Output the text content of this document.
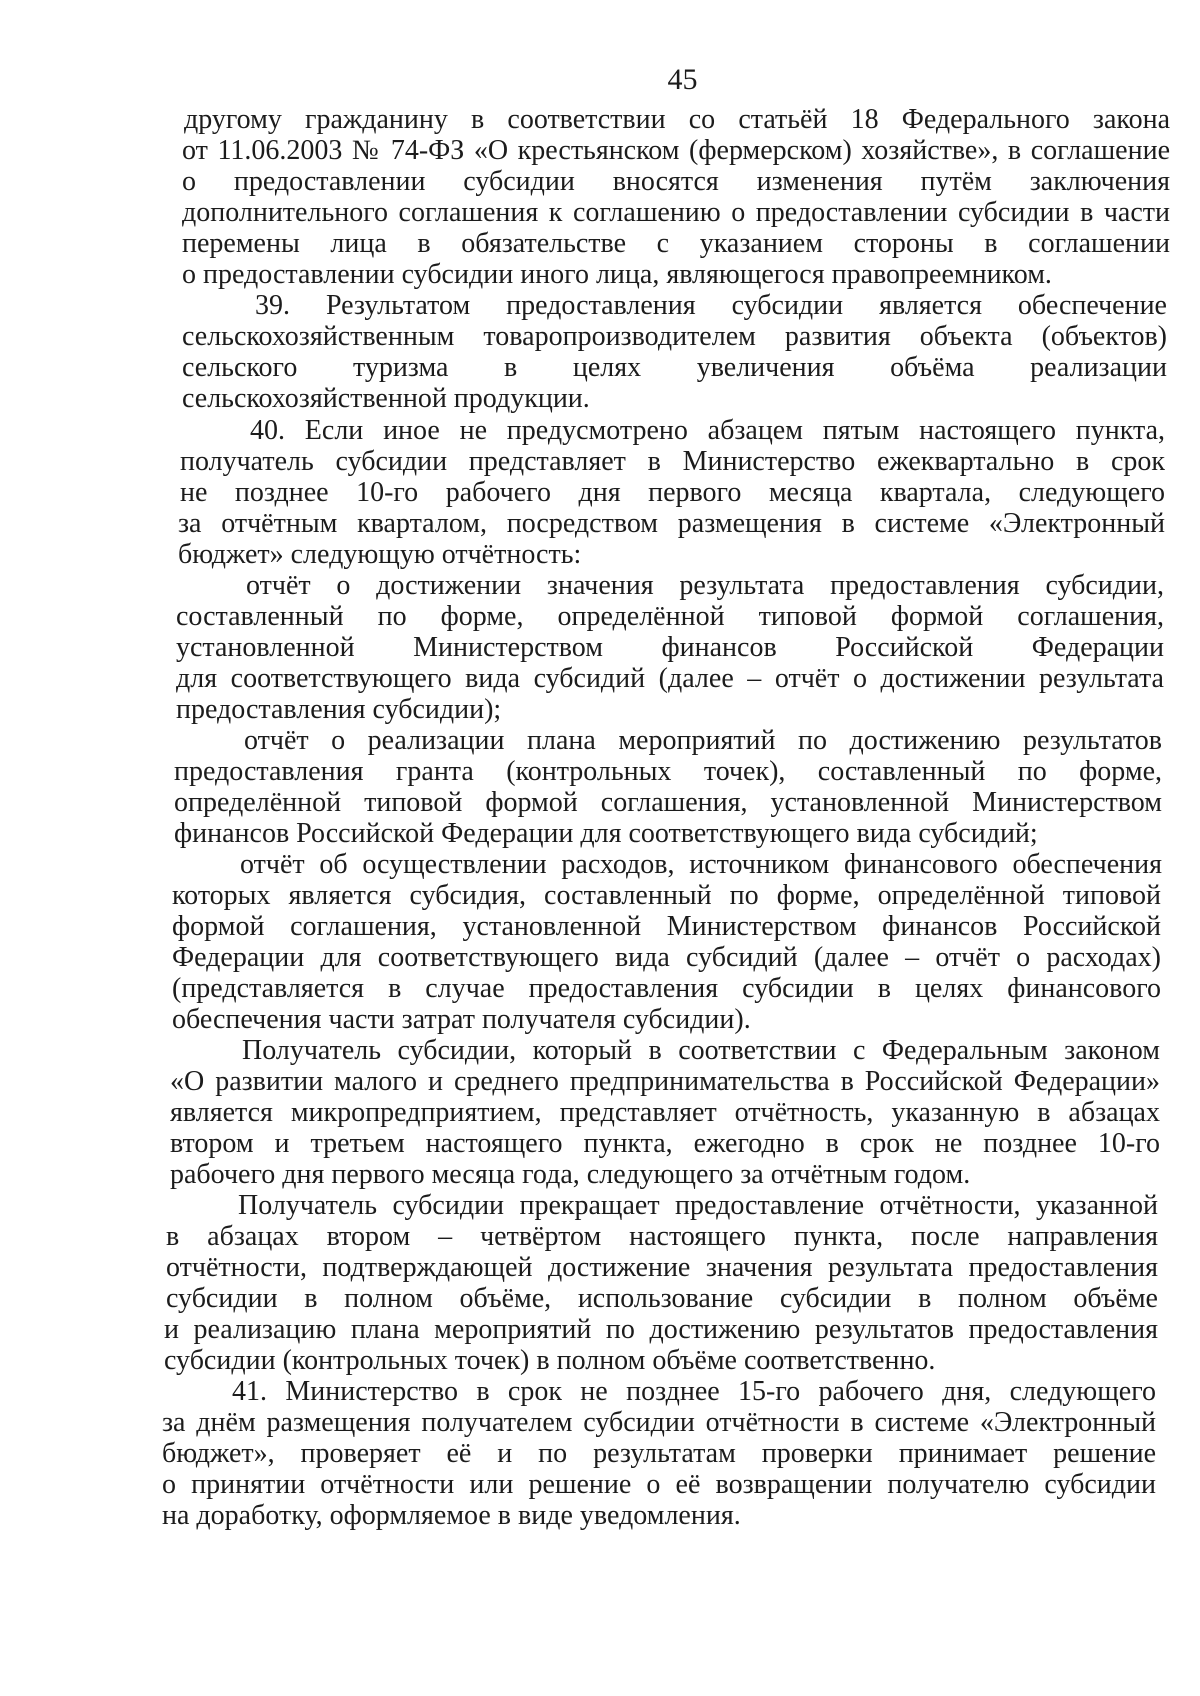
45

другому гражданину в соответствии со статьёй 18 Федерального закона

от 11.06.2003 № 74-ФЗ «О крестьянском (фермерском) хозяйстве», в соглашение

о предоставлении субсидии вносятся изменения путём заключения

дополнительного соглашения к соглашению о предоставлении субсидии в части

перемены лица в обязательстве с указанием стороны в соглашении

о предоставлении субсидии иного лица, являющегося правопреемником.

39. Результатом предоставления субсидии является обеспечение

сельскохозяйственным товаропроизводителем развития объекта (объектов)

сельского туризма в целях увеличения объёма реализации

сельскохозяйственной продукции.

40. Если иное не предусмотрено абзацем пятым настоящего пункта,

получатель субсидии представляет в Министерство ежеквартально в срок

не позднее 10-го рабочего дня первого месяца квартала, следующего

за отчётным кварталом, посредством размещения в системе «Электронный

бюджет» следующую отчётность:

отчёт о достижении значения результата предоставления субсидии,

составленный по форме, определённой типовой формой соглашения,

установленной Министерством финансов Российской Федерации

для соответствующего вида субсидий (далее – отчёт о достижении результата

предоставления субсидии);

отчёт о реализации плана мероприятий по достижению результатов

предоставления гранта (контрольных точек), составленный по форме,

определённой типовой формой соглашения, установленной Министерством

финансов Российской Федерации для соответствующего вида субсидий;

отчёт об осуществлении расходов, источником финансового обеспечения

которых является субсидия, составленный по форме, определённой типовой

формой соглашения, установленной Министерством финансов Российской

Федерации для соответствующего вида субсидий (далее – отчёт о расходах)

(представляется в случае предоставления субсидии в целях финансового

обеспечения части затрат получателя субсидии).

Получатель субсидии, который в соответствии с Федеральным законом

«О развитии малого и среднего предпринимательства в Российской Федерации»

является микропредприятием, представляет отчётность, указанную в абзацах

втором и третьем настоящего пункта, ежегодно в срок не позднее 10-го

рабочего дня первого месяца года, следующего за отчётным годом.

Получатель субсидии прекращает предоставление отчётности, указанной

в абзацах втором – четвёртом настоящего пункта, после направления

отчётности, подтверждающей достижение значения результата предоставления

субсидии в полном объёме, использование субсидии в полном объёме

и реализацию плана мероприятий по достижению результатов предоставления

субсидии (контрольных точек) в полном объёме соответственно.

41. Министерство в срок не позднее 15-го рабочего дня, следующего

за днём размещения получателем субсидии отчётности в системе «Электронный

бюджет», проверяет её и по результатам проверки принимает решение

о принятии отчётности или решение о её возвращении получателю субсидии

на доработку, оформляемое в виде уведомления.
